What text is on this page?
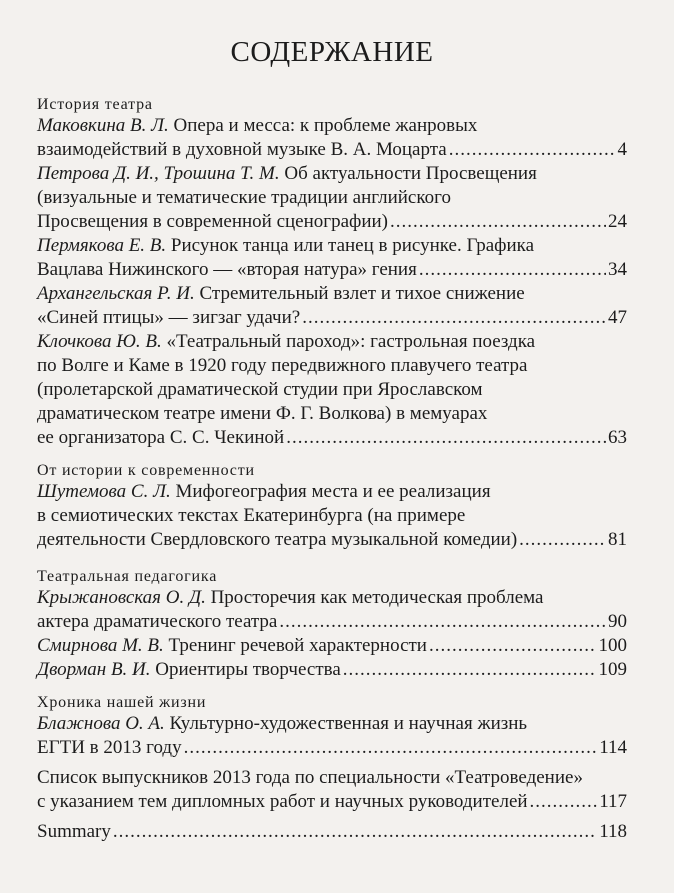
СОДЕРЖАНИЕ
История театра
Маковкина В. Л. Опера и месса: к проблеме жанровых
взаимодействий в духовной музыке В. А. Моцарта .....	4
Петрова Д. И., Трошина Т. М. Об актуальности Просвещения
(визуальные и тематические традиции английского
Просвещения в современной сценографии) .....	24
Пермякова Е. В. Рисунок танца или танец в рисунке. Графика
Вацлава Нижинского — «вторая натура» гения .....	34
Архангельская Р. И. Стремительный взлет и тихое снижение
«Синей птицы» — зигзаг удачи? .....	47
Клочкова Ю. В. «Театральный пароход»: гастрольная поездка
по Волге и Каме в 1920 году передвижного плавучего театра
(пролетарской драматической студии при Ярославском
драматическом театре имени Ф. Г. Волкова) в мемуарах
ее организатора С. С. Чекиной .....	63
От истории к современности
Шутемова С. Л. Мифогеография места и ее реализация
в семиотических текстах Екатеринбурга (на примере
деятельности Свердловского театра музыкальной комедии) .....	81
Театральная педагогика
Крыжановская О. Д. Просторечия как методическая проблема
актера драматического театра .....	90
Смирнова М. В. Тренинг речевой характерности .....	100
Дворман В. И. Ориентиры творчества .....	109
Хроника нашей жизни
Блажнова О. А. Культурно-художественная и научная жизнь
ЕГТИ в 2013 году .....	114
Список выпускников 2013 года по специальности «Театроведение»
с указанием тем дипломных работ и научных руководителей .....	117
Summary .....	118
